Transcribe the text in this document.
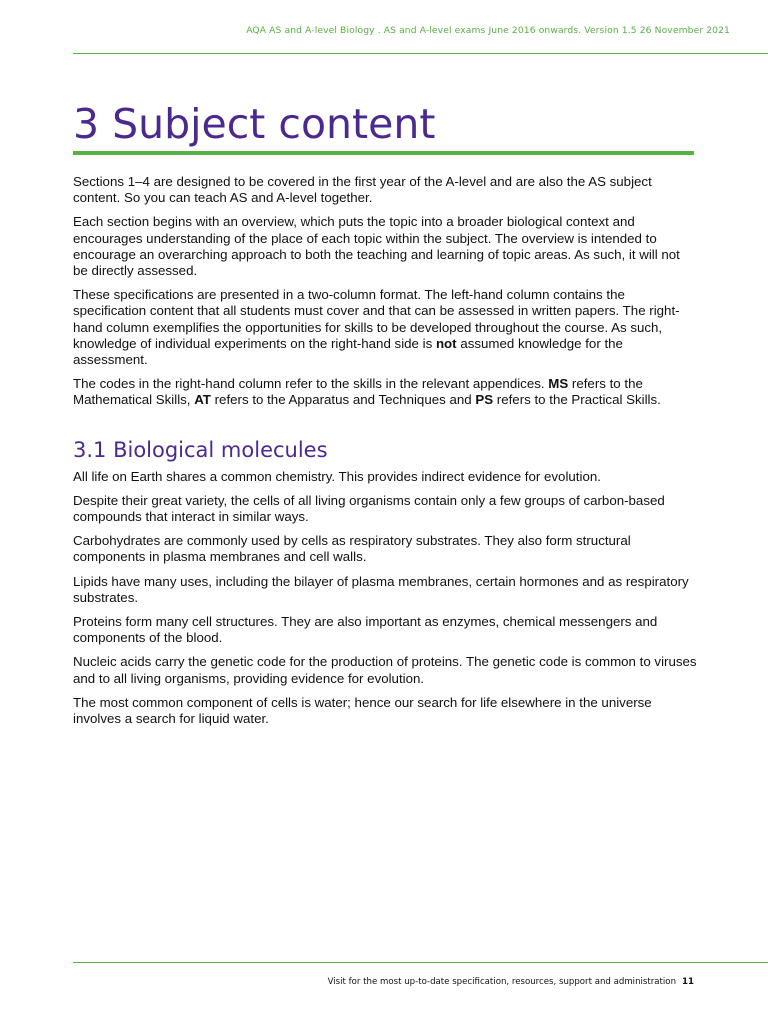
AQA AS and A-level Biology . AS and A-level exams June 2016 onwards. Version 1.5 26 November 2021
3 Subject content

Sections 1–4 are designed to be covered in the first year of the A-level and are also the AS subject content. So you can teach AS and A-level together.

Each section begins with an overview, which puts the topic into a broader biological context and encourages understanding of the place of each topic within the subject. The overview is intended to encourage an overarching approach to both the teaching and learning of topic areas. As such, it will not be directly assessed.

These specifications are presented in a two-column format. The left-hand column contains the specification content that all students must cover and that can be assessed in written papers. The right-hand column exemplifies the opportunities for skills to be developed throughout the course. As such, knowledge of individual experiments on the right-hand side is not assumed knowledge for the assessment.

The codes in the right-hand column refer to the skills in the relevant appendices. MS refers to the Mathematical Skills, AT refers to the Apparatus and Techniques and PS refers to the Practical Skills.

3.1 Biological molecules

All life on Earth shares a common chemistry. This provides indirect evidence for evolution.

Despite their great variety, the cells of all living organisms contain only a few groups of carbon-based compounds that interact in similar ways.

Carbohydrates are commonly used by cells as respiratory substrates. They also form structural components in plasma membranes and cell walls.

Lipids have many uses, including the bilayer of plasma membranes, certain hormones and as respiratory substrates.

Proteins form many cell structures. They are also important as enzymes, chemical messengers and components of the blood.

Nucleic acids carry the genetic code for the production of proteins. The genetic code is common to viruses and to all living organisms, providing evidence for evolution.

The most common component of cells is water; hence our search for life elsewhere in the universe involves a search for liquid water.

Visit for the most up-to-date specification, resources, support and administration 11
